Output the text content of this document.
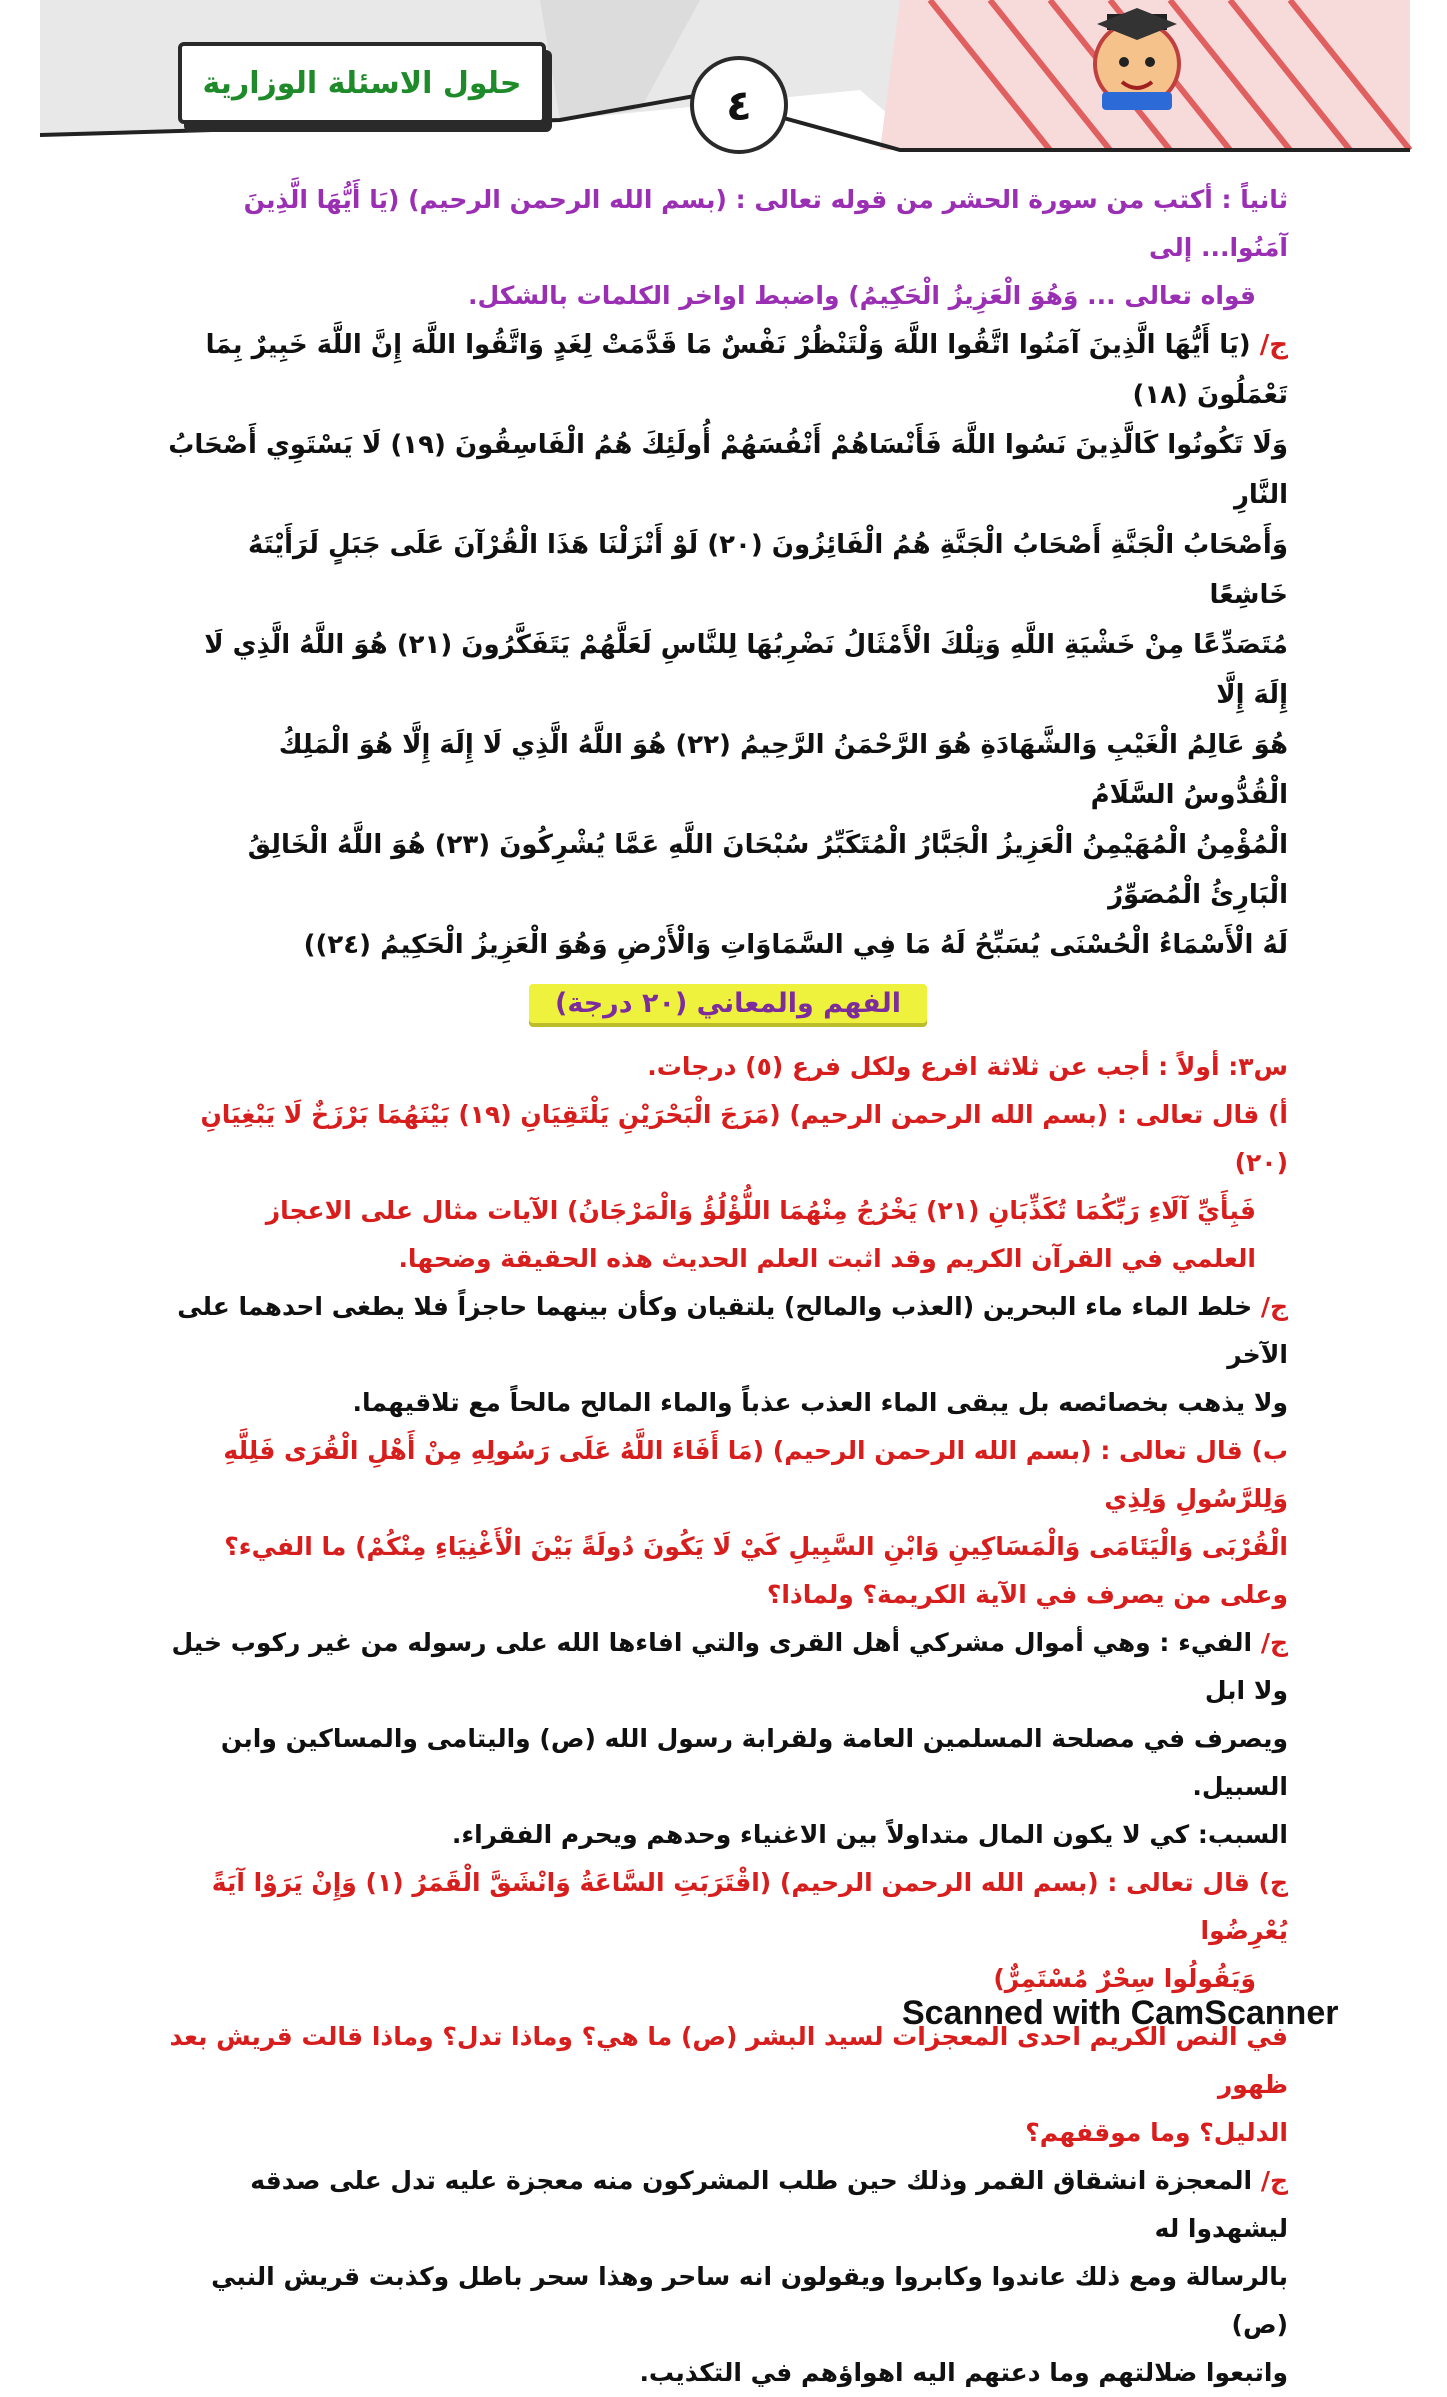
حلول الاسئلة الوزارية	٤

ثانياً : أكتب من سورة الحشر من قوله تعالى : (بسم الله الرحمن الرحيم) (يَا أَيُّهَا الَّذِينَ آمَنُوا... إلى

قواه تعالى ... وَهُوَ الْعَزِيزُ الْحَكِيمُ) واضبط اواخر الكلمات بالشكل.

ج/ (يَا أَيُّهَا الَّذِينَ آمَنُوا اتَّقُوا اللَّهَ وَلْتَنْظُرْ نَفْسٌ مَا قَدَّمَتْ لِغَدٍ وَاتَّقُوا اللَّهَ إِنَّ اللَّهَ خَبِيرٌ بِمَا تَعْمَلُونَ (١٨)
وَلَا تَكُونُوا كَالَّذِينَ نَسُوا اللَّهَ فَأَنْسَاهُمْ أَنْفُسَهُمْ أُولَئِكَ هُمُ الْفَاسِقُونَ (١٩) لَا يَسْتَوِي أَصْحَابُ النَّارِ
وَأَصْحَابُ الْجَنَّةِ أَصْحَابُ الْجَنَّةِ هُمُ الْفَائِزُونَ (٢٠) لَوْ أَنْزَلْنَا هَذَا الْقُرْآنَ عَلَى جَبَلٍ لَرَأَيْتَهُ خَاشِعًا
مُتَصَدِّعًا مِنْ خَشْيَةِ اللَّهِ وَتِلْكَ الْأَمْثَالُ نَضْرِبُهَا لِلنَّاسِ لَعَلَّهُمْ يَتَفَكَّرُونَ (٢١) هُوَ اللَّهُ الَّذِي لَا إِلَهَ إِلَّا
هُوَ عَالِمُ الْغَيْبِ وَالشَّهَادَةِ هُوَ الرَّحْمَنُ الرَّحِيمُ (٢٢) هُوَ اللَّهُ الَّذِي لَا إِلَهَ إِلَّا هُوَ الْمَلِكُ الْقُدُّوسُ السَّلَامُ
الْمُؤْمِنُ الْمُهَيْمِنُ الْعَزِيزُ الْجَبَّارُ الْمُتَكَبِّرُ سُبْحَانَ اللَّهِ عَمَّا يُشْرِكُونَ (٢٣) هُوَ اللَّهُ الْخَالِقُ الْبَارِئُ الْمُصَوِّرُ
لَهُ الْأَسْمَاءُ الْحُسْنَى يُسَبِّحُ لَهُ مَا فِي السَّمَاوَاتِ وَالْأَرْضِ وَهُوَ الْعَزِيزُ الْحَكِيمُ (٢٤))

الفهم والمعاني (٢٠ درجة)

س٣: أولاً : أجب عن ثلاثة افرع ولكل فرع (٥) درجات.

أ) قال تعالى : (بسم الله الرحمن الرحيم) (مَرَجَ الْبَحْرَيْنِ يَلْتَقِيَانِ (١٩) بَيْنَهُمَا بَرْزَخٌ لَا يَبْغِيَانِ (٢٠)
فَبِأَيِّ آلَاءِ رَبِّكُمَا تُكَذِّبَانِ (٢١) يَخْرُجُ مِنْهُمَا اللُّؤْلُؤُ وَالْمَرْجَانُ) الآيات مثال على الاعجاز
العلمي في القرآن الكريم وقد اثبت العلم الحديث هذه الحقيقة وضحها.

ج/ خلط الماء ماء البحرين (العذب والمالح) يلتقيان وكأن بينهما حاجزاً فلا يطغى احدهما على الآخر
ولا يذهب بخصائصه بل يبقى الماء العذب عذباً والماء المالح مالحاً مع تلاقيهما.

ب) قال تعالى : (بسم الله الرحمن الرحيم) (مَا أَفَاءَ اللَّهُ عَلَى رَسُولِهِ مِنْ أَهْلِ الْقُرَى فَلِلَّهِ وَلِلرَّسُولِ وَلِذِي
الْقُرْبَى وَالْيَتَامَى وَالْمَسَاكِينِ وَابْنِ السَّبِيلِ كَيْ لَا يَكُونَ دُولَةً بَيْنَ الْأَغْنِيَاءِ مِنْكُمْ) ما الفيء؟
وعلى من يصرف في الآية الكريمة؟ ولماذا؟

ج/ الفيء : وهي أموال مشركي أهل القرى والتي افاءها الله على رسوله من غير ركوب خيل ولا ابل
ويصرف في مصلحة المسلمين العامة ولقرابة رسول الله (ص) واليتامى والمساكين وابن السبيل.
السبب: كي لا يكون المال متداولاً بين الاغنياء وحدهم ويحرم الفقراء.

ج) قال تعالى : (بسم الله الرحمن الرحيم) (اقْتَرَبَتِ السَّاعَةُ وَانْشَقَّ الْقَمَرُ (١) وَإِنْ يَرَوْا آيَةً يُعْرِضُوا
وَيَقُولُوا سِحْرٌ مُسْتَمِرٌّ)

في النص الكريم احدى المعجزات لسيد البشر (ص) ما هي؟ وماذا تدل؟ وماذا قالت قريش بعد ظهور
الدليل؟ وما موقفهم؟

ج/ المعجزة انشقاق القمر وذلك حين طلب المشركون منه معجزة عليه تدل على صدقه ليشهدوا له
بالرسالة ومع ذلك عاندوا وكابروا ويقولون انه ساحر وهذا سحر باطل وكذبت قريش النبي (ص)
واتبعوا ضلالتهم وما دعتهم اليه اهواؤهم في التكذيب.

Scanned with CamScanner
